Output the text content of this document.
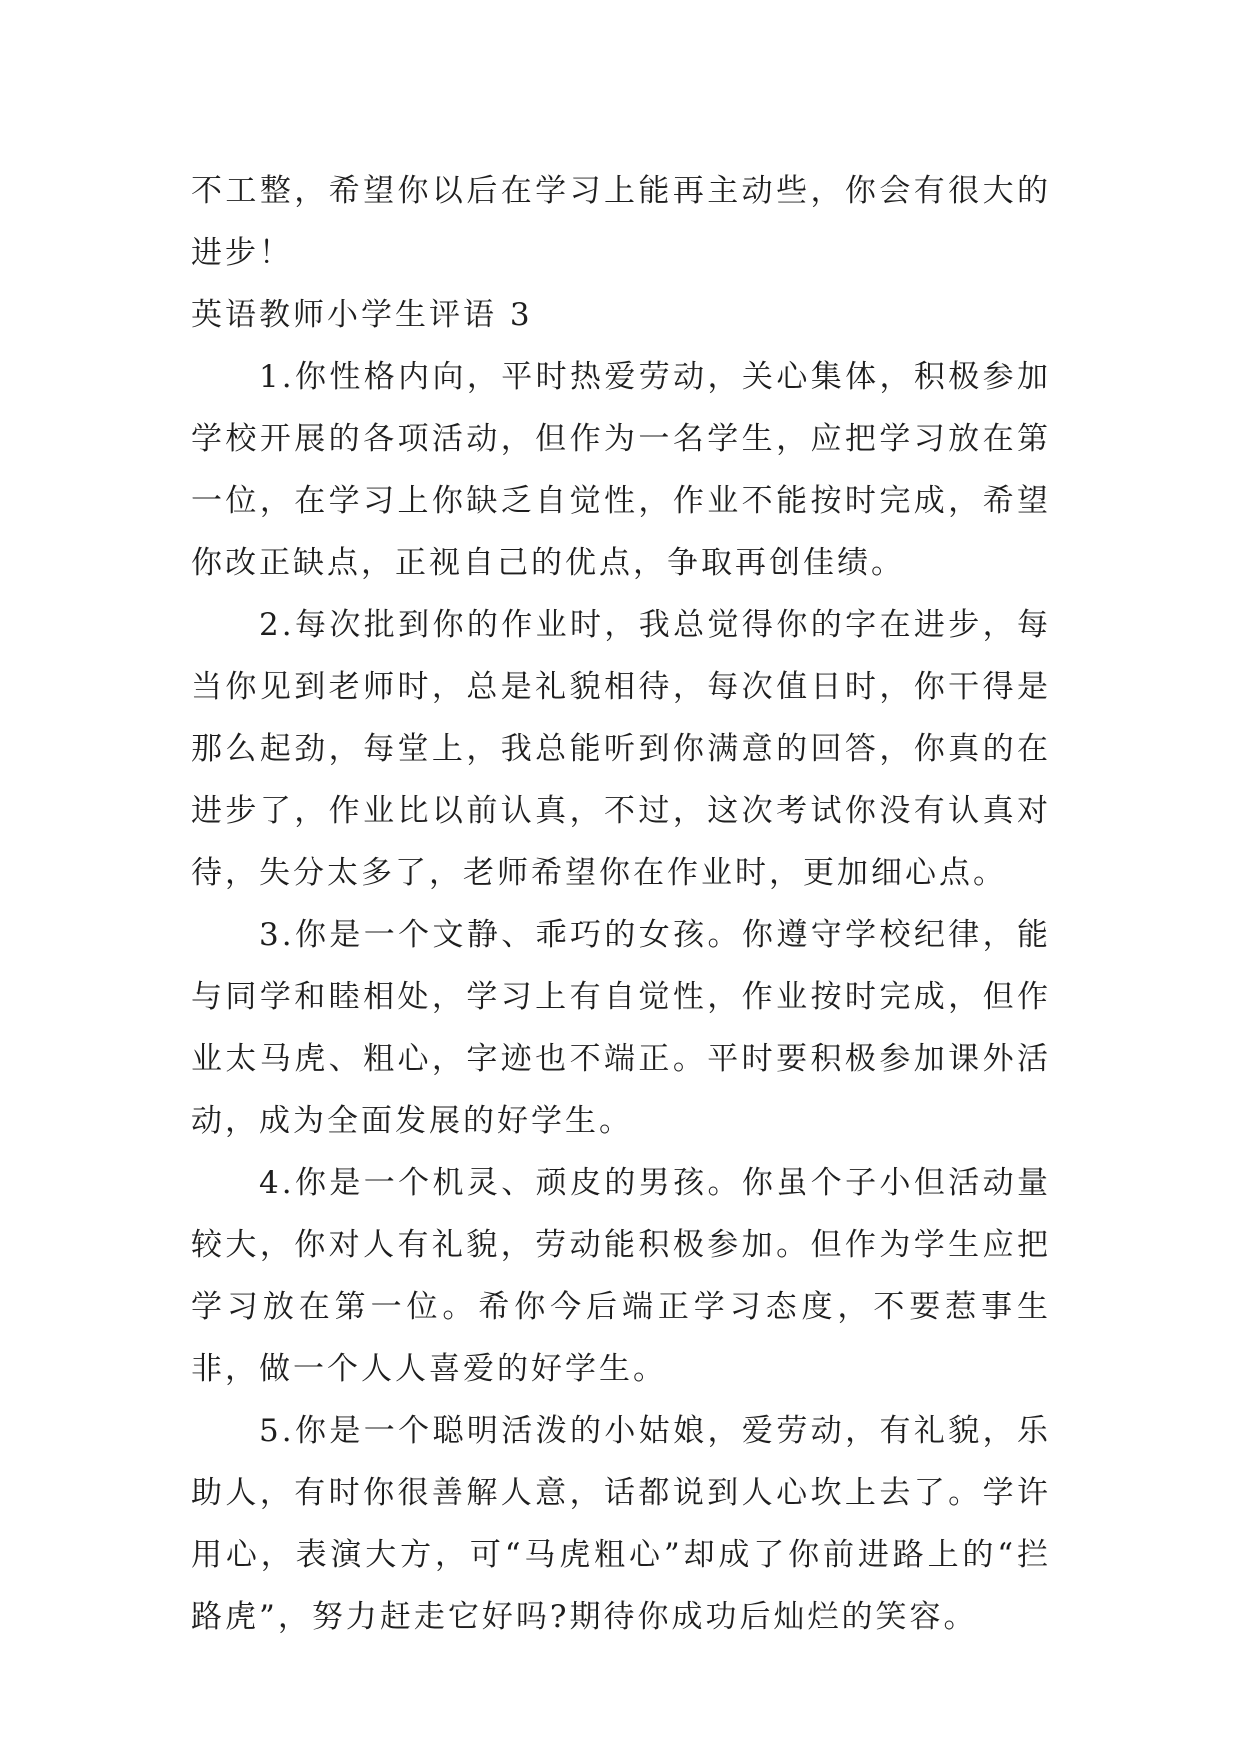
不工整，希望你以后在学习上能再主动些，你会有很大的进步！

英语教师小学生评语 3

1.你性格内向，平时热爱劳动，关心集体，积极参加学校开展的各项活动，但作为一名学生，应把学习放在第一位，在学习上你缺乏自觉性，作业不能按时完成，希望你改正缺点，正视自己的优点，争取再创佳绩。

2.每次批到你的作业时，我总觉得你的字在进步，每当你见到老师时，总是礼貌相待，每次值日时，你干得是那么起劲，每堂上，我总能听到你满意的回答，你真的在进步了，作业比以前认真，不过，这次考试你没有认真对待，失分太多了，老师希望你在作业时，更加细心点。

3.你是一个文静、乖巧的女孩。你遵守学校纪律，能与同学和睦相处，学习上有自觉性，作业按时完成，但作业太马虎、粗心，字迹也不端正。平时要积极参加课外活动，成为全面发展的好学生。

4.你是一个机灵、顽皮的男孩。你虽个子小但活动量较大，你对人有礼貌，劳动能积极参加。但作为学生应把学习放在第一位。希你今后端正学习态度，不要惹事生非，做一个人人喜爱的好学生。

5.你是一个聪明活泼的小姑娘，爱劳动，有礼貌，乐助人，有时你很善解人意，话都说到人心坎上去了。学许用心，表演大方，可“马虎粗心”却成了你前进路上的“拦路虎”，努力赶走它好吗?期待你成功后灿烂的笑容。
